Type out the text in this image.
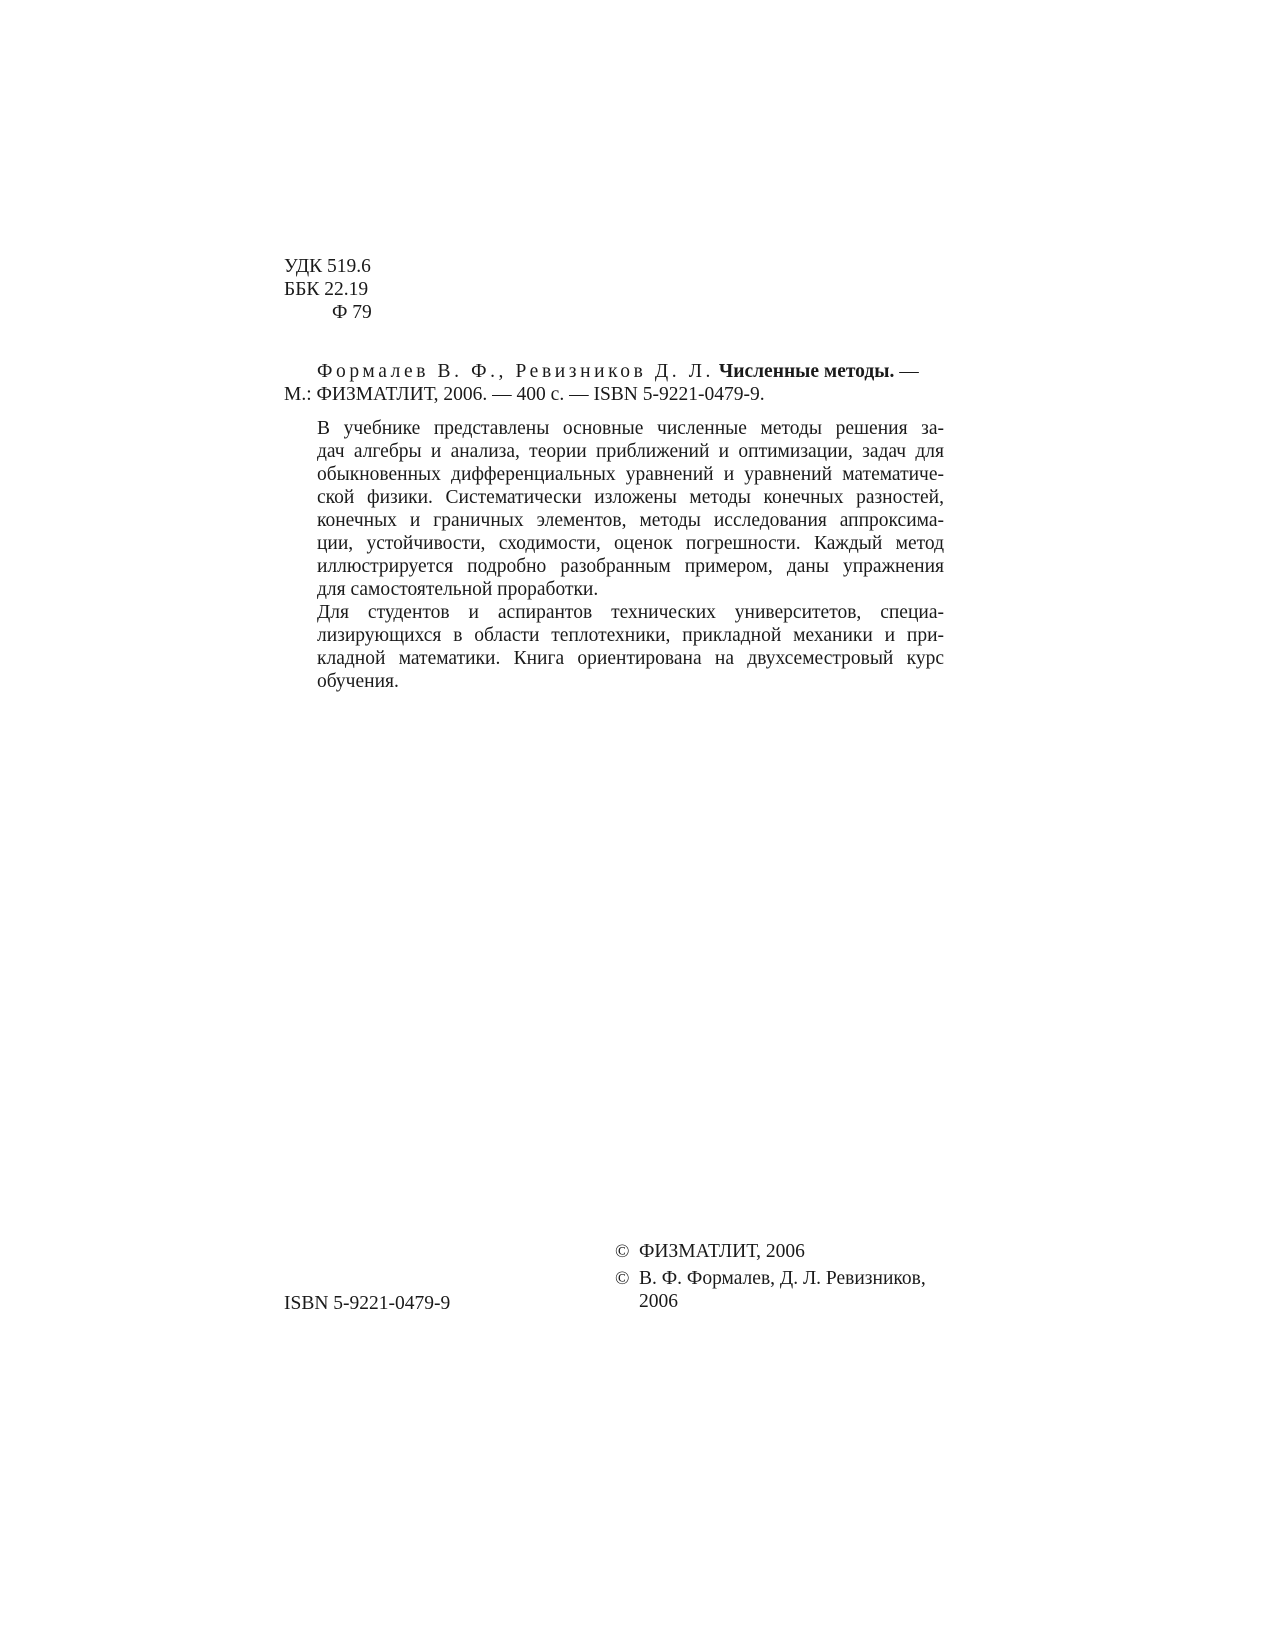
УДК 519.6
ББК 22.19
Ф 79

Формалев В. Ф., Ревизников Д. Л. Численные методы. —

М.: ФИЗМАТЛИТ, 2006. — 400 с. — ISBN 5-9221-0479-9.

В учебнике представлены основные численные методы решения за-
дач алгебры и анализа, теории приближений и оптимизации, задач для
обыкновенных дифференциальных уравнений и уравнений математиче-
ской физики. Систематически изложены методы конечных разностей,
конечных и граничных элементов, методы исследования аппроксима-
ции, устойчивости, сходимости, оценок погрешности. Каждый метод
иллюстрируется подробно разобранным примером, даны упражнения
для самостоятельной проработки.

Для студентов и аспирантов технических университетов, специа-
лизирующихся в области теплотехники, прикладной механики и при-
кладной математики. Книга ориентирована на двухсеместровый курс
обучения.

ISBN 5-9221-0479-9
© ФИЗМАТЛИТ, 2006
© В. Ф. Формалев, Д. Л. Ревизников, 2006
